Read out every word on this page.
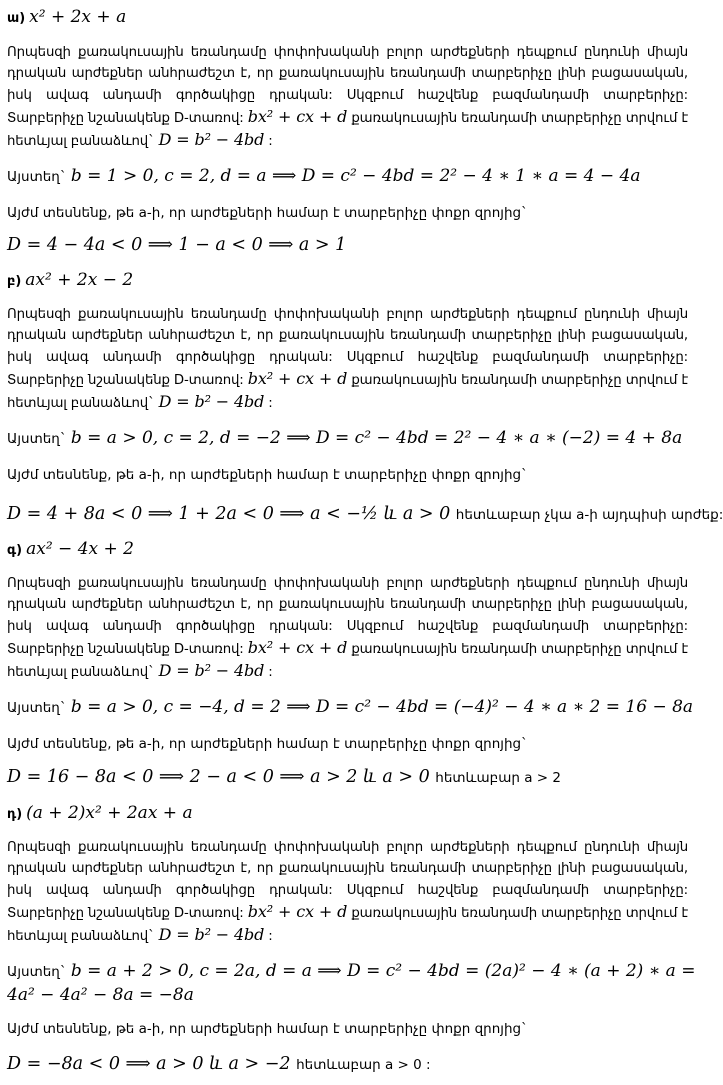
ա) x² + 2x + a
Որպեսզի քառակուսային եռանդամը փոփոխականի բոլոր արժեքների դեպքում ընդունի միայն դրական արժեքներ անհրաժեշտ է, որ քառակուսային եռանդամի տարբերիչը լինի բացասական, իսկ ավագ անդամի գործակիցը դրական: Սկզբում հաշվենք բազմանդամի տարբերիչը: Տարբերիչը նշանակենք D-տառով: bx² + cx + d քառակուսային եռանդամի տարբերիչը տրվում է հետևյալ բանաձևով` D = b² − 4bd :
Այստեղ` b = 1 > 0, c = 2, d = a ⟹ D = c² − 4bd = 2² − 4 ∗ 1 ∗ a = 4 − 4a
Այժմ տեսնենք, թե a-ի, որ արժեքների համար է տարբերիչը փոքր զրոյից`
D = 4 − 4a < 0 ⟹ 1 − a < 0 ⟹ a > 1
բ) ax² + 2x − 2
Որպեսզի քառակուսային եռանդամը փոփոխականի բոլոր արժեքների դեպքում ընդունի միայն դրական արժեքներ անհրաժեշտ է, որ քառակուսային եռանդամի տարբերիչը լինի բացասական, իսկ ավագ անդամի գործակիցը դրական: Սկզբում հաշվենք բազմանդամի տարբերիչը: Տարբերիչը նշանակենք D-տառով: bx² + cx + d քառակուսային եռանդամի տարբերիչը տրվում է հետևյալ բանաձևով` D = b² − 4bd :
Այստեղ` b = a > 0, c = 2, d = −2 ⟹ D = c² − 4bd = 2² − 4 ∗ a ∗ (−2) = 4 + 8a
Այժմ տեսնենք, թե a-ի, որ արժեքների համար է տարբերիչը փոքր զրոյից`
D = 4 + 8a < 0 ⟹ 1 + 2a < 0 ⟹ a < −½ և a > 0 հետևաբար չկա a-ի այդպիսի արժեք:
գ) ax² − 4x + 2
Որպեսզի քառակուսային եռանդամը փոփոխականի բոլոր արժեքների դեպքում ընդունի միայն դրական արժեքներ անհրաժեշտ է, որ քառակուսային եռանդամի տարբերիչը լինի բացասական, իսկ ավագ անդամի գործակիցը դրական: Սկզբում հաշվենք բազմանդամի տարբերիչը: Տարբերիչը նշանակենք D-տառով: bx² + cx + d քառակուսային եռանդամի տարբերիչը տրվում է հետևյալ բանաձևով` D = b² − 4bd :
Այստեղ` b = a > 0, c = −4, d = 2 ⟹ D = c² − 4bd = (−4)² − 4 ∗ a ∗ 2 = 16 − 8a
Այժմ տեսնենք, թե a-ի, որ արժեքների համար է տարբերիչը փոքր զրոյից`
D = 16 − 8a < 0 ⟹ 2 − a < 0 ⟹ a > 2 և a > 0 հետևաբար a > 2
դ) (a + 2)x² + 2ax + a
Որպեսզի քառակուսային եռանդամը փոփոխականի բոլոր արժեքների դեպքում ընդունի միայն դրական արժեքներ անհրաժեշտ է, որ քառակուսային եռանդամի տարբերիչը լինի բացասական, իսկ ավագ անդամի գործակիցը դրական: Սկզբում հաշվենք բազմանդամի տարբերիչը: Տարբերիչը նշանակենք D-տառով: bx² + cx + d քառակուսային եռանդամի տարբերիչը տրվում է հետևյալ բանաձևով` D = b² − 4bd :
Այստեղ` b = a + 2 > 0, c = 2a, d = a ⟹ D = c² − 4bd = (2a)² − 4 ∗ (a + 2) ∗ a =
4a² − 4a² − 8a = −8a
Այժմ տեսնենք, թե a-ի, որ արժեքների համար է տարբերիչը փոքր զրոյից`
D = −8a < 0 ⟹ a > 0 և a > −2 հետևաբար a > 0 :
